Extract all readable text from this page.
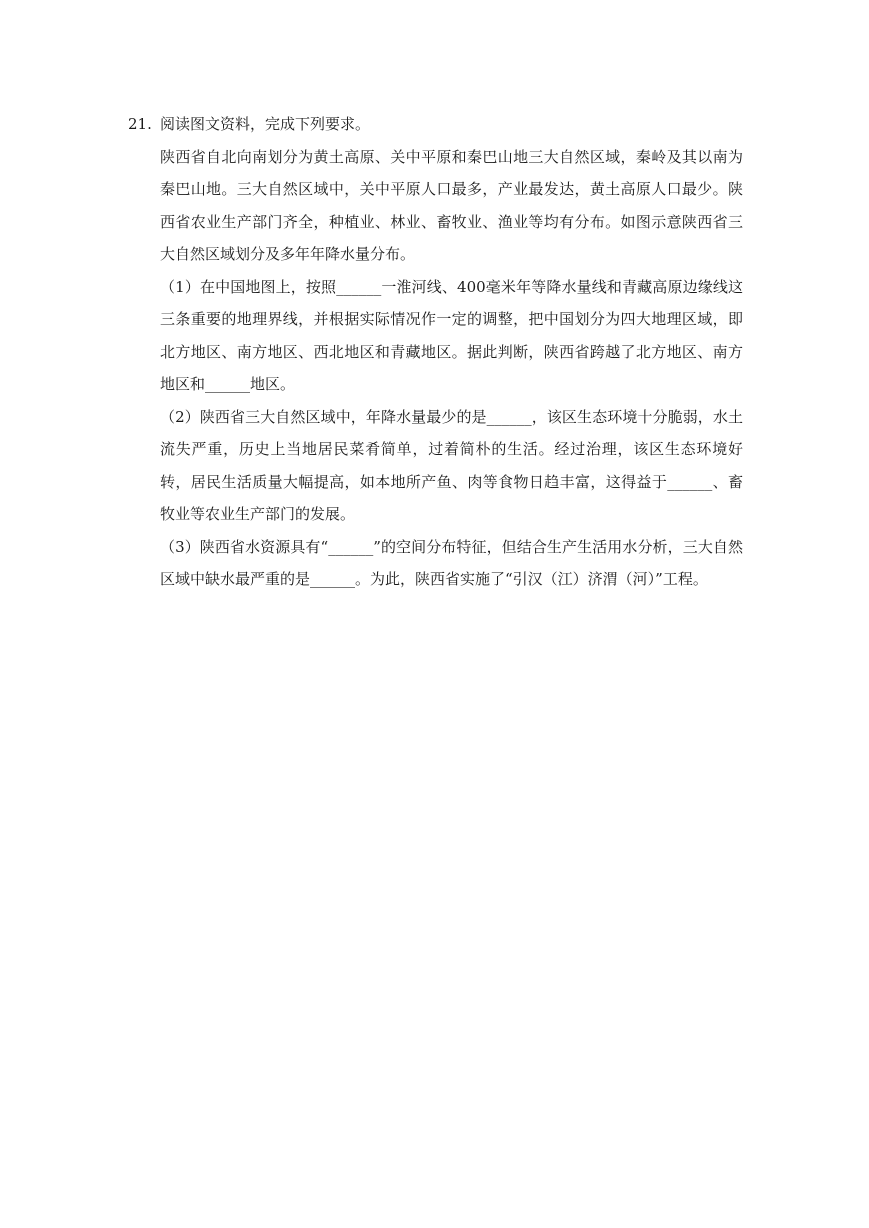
21. 阅读图文资料，完成下列要求。

陕西省自北向南划分为黄土高原、关中平原和秦巴山地三大自然区域，秦岭及其以南为秦巴山地。三大自然区域中，关中平原人口最多，产业最发达，黄土高原人口最少。陕西省农业生产部门齐全，种植业、林业、畜牧业、渔业等均有分布。如图示意陕西省三大自然区域划分及多年年降水量分布。

（1）在中国地图上，按照______一淮河线、400毫米年等降水量线和青藏高原边缘线这三条重要的地理界线，并根据实际情况作一定的调整，把中国划分为四大地理区域，即北方地区、南方地区、西北地区和青藏地区。据此判断，陕西省跨越了北方地区、南方地区和______地区。

（2）陕西省三大自然区域中，年降水量最少的是______，该区生态环境十分脆弱，水土流失严重，历史上当地居民菜肴简单，过着简朴的生活。经过治理，该区生态环境好转，居民生活质量大幅提高，如本地所产鱼、肉等食物日趋丰富，这得益于______、畜牧业等农业生产部门的发展。

（3）陕西省水资源具有“______”的空间分布特征，但结合生产生活用水分析，三大自然区域中缺水最严重的是______。为此，陕西省实施了“引汉（江）济渭（河）”工程。
